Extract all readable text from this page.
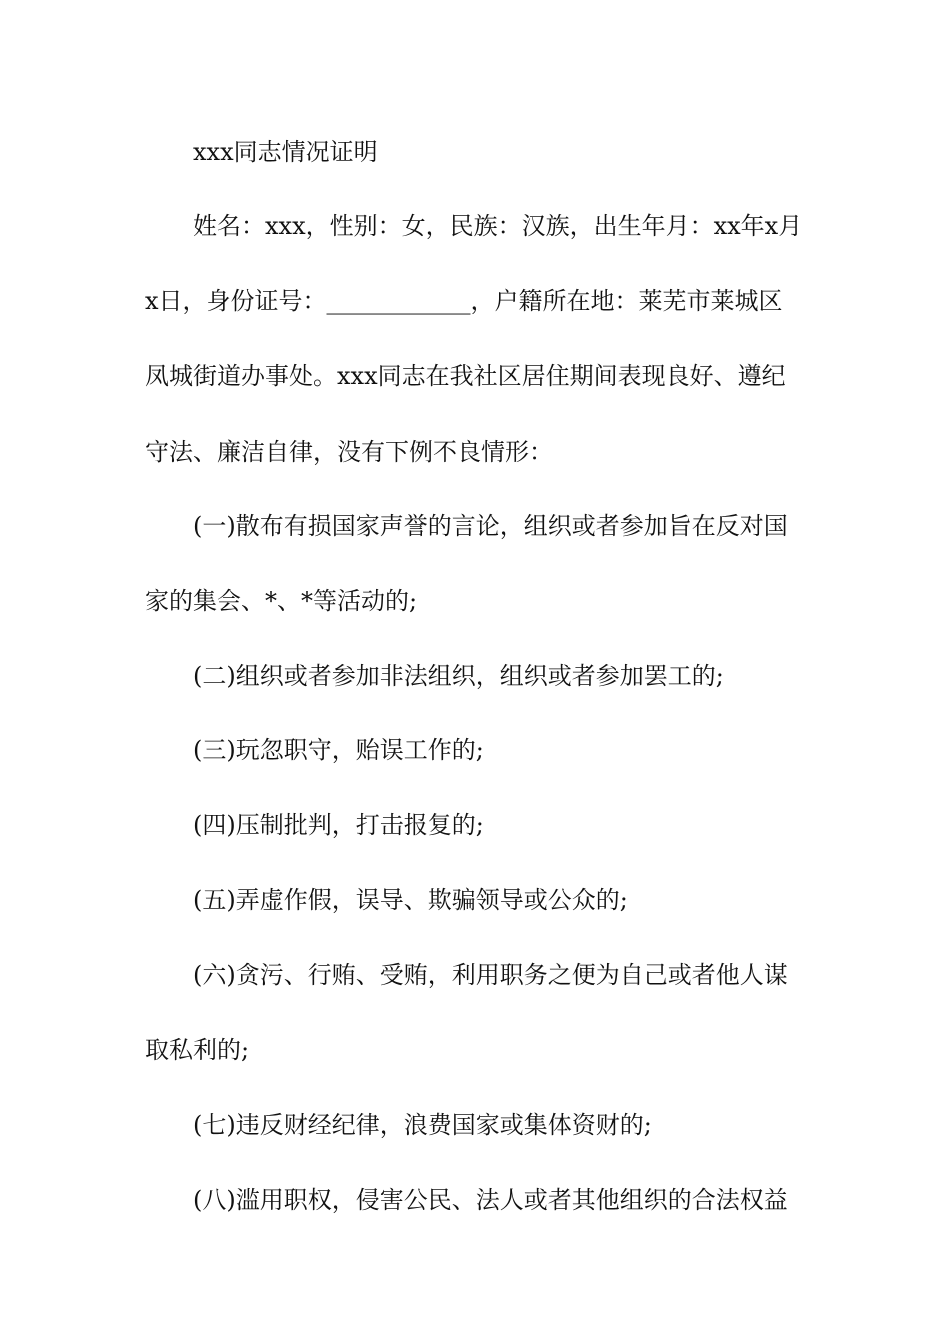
xxx同志情况证明
姓名：xxx，性别：女，民族：汉族，出生年月：xx年x月
x日，身份证号：____________，户籍所在地：莱芜市莱城区
凤城街道办事处。xxx同志在我社区居住期间表现良好、遵纪
守法、廉洁自律，没有下例不良情形：
(一)散布有损国家声誉的言论，组织或者参加旨在反对国
家的集会、*、*等活动的;
(二)组织或者参加非法组织，组织或者参加罢工的;
(三)玩忽职守，贻误工作的;
(四)压制批判，打击报复的;
(五)弄虚作假，误导、欺骗领导或公众的;
(六)贪污、行贿、受贿，利用职务之便为自己或者他人谋
取私利的;
(七)违反财经纪律，浪费国家或集体资财的;
(八)滥用职权，侵害公民、法人或者其他组织的合法权益
